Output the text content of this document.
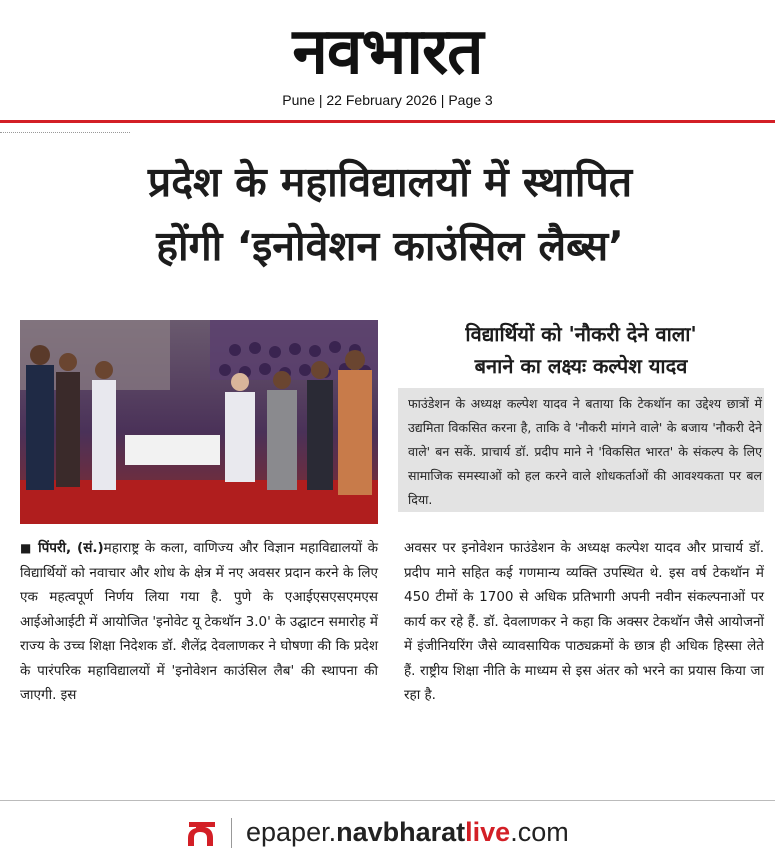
नवभारत
Pune | 22 February 2026 | Page 3
प्रदेश के महाविद्यालयों में स्थापित
होंगी ‘इनोवेशन काउंसिल लैब्स’
विद्यार्थियों को 'नौकरी देने वाला'
बनाने का लक्ष्यः कल्पेश यादव
फाउंडेशन के अध्यक्ष कल्पेश यादव ने बताया कि टेकथॉन का उद्देश्य छात्रों में उद्यमिता विकसित करना है, ताकि वे 'नौकरी मांगने वाले' के बजाय 'नौकरी देने वाले' बन सकें. प्राचार्य डॉ. प्रदीप माने ने 'विकसित भारत' के संकल्प के लिए सामाजिक समस्याओं को हल करने वाले शोधकर्ताओं की आवश्यकता पर बल दिया.
■ पिंपरी, (सं.)महाराष्ट्र के कला, वाणिज्य और विज्ञान महाविद्यालयों के विद्यार्थियों को नवाचार और शोध के क्षेत्र में नए अवसर प्रदान करने के लिए एक महत्वपूर्ण निर्णय लिया गया है. पुणे के एआईएसएसएमएस आईओआईटी में आयोजित 'इनोवेट यू टेकथॉन 3.0' के उद्घाटन समारोह में राज्य के उच्च शिक्षा निदेशक डॉ. शैलेंद्र देवलाणकर ने घोषणा की कि प्रदेश के पारंपरिक महाविद्यालयों में 'इनोवेशन काउंसिल लैब' की स्थापना की जाएगी. इस
अवसर पर इनोवेशन फाउंडेशन के अध्यक्ष कल्पेश यादव और प्राचार्य डॉ. प्रदीप माने सहित कई गणमान्य व्यक्ति उपस्थित थे. इस वर्ष टेकथॉन में 450 टीमों के 1700 से अधिक प्रतिभागी अपनी नवीन संकल्पनाओं पर कार्य कर रहे हैं. डॉ. देवलाणकर ने कहा कि अक्सर टेकथॉन जैसे आयोजनों में इंजीनियरिंग जैसे व्यावसायिक पाठ्यक्रमों के छात्र ही अधिक हिस्सा लेते हैं. राष्ट्रीय शिक्षा नीति के माध्यम से इस अंतर को भरने का प्रयास किया जा रहा है.
epaper.navbharatlive.com
